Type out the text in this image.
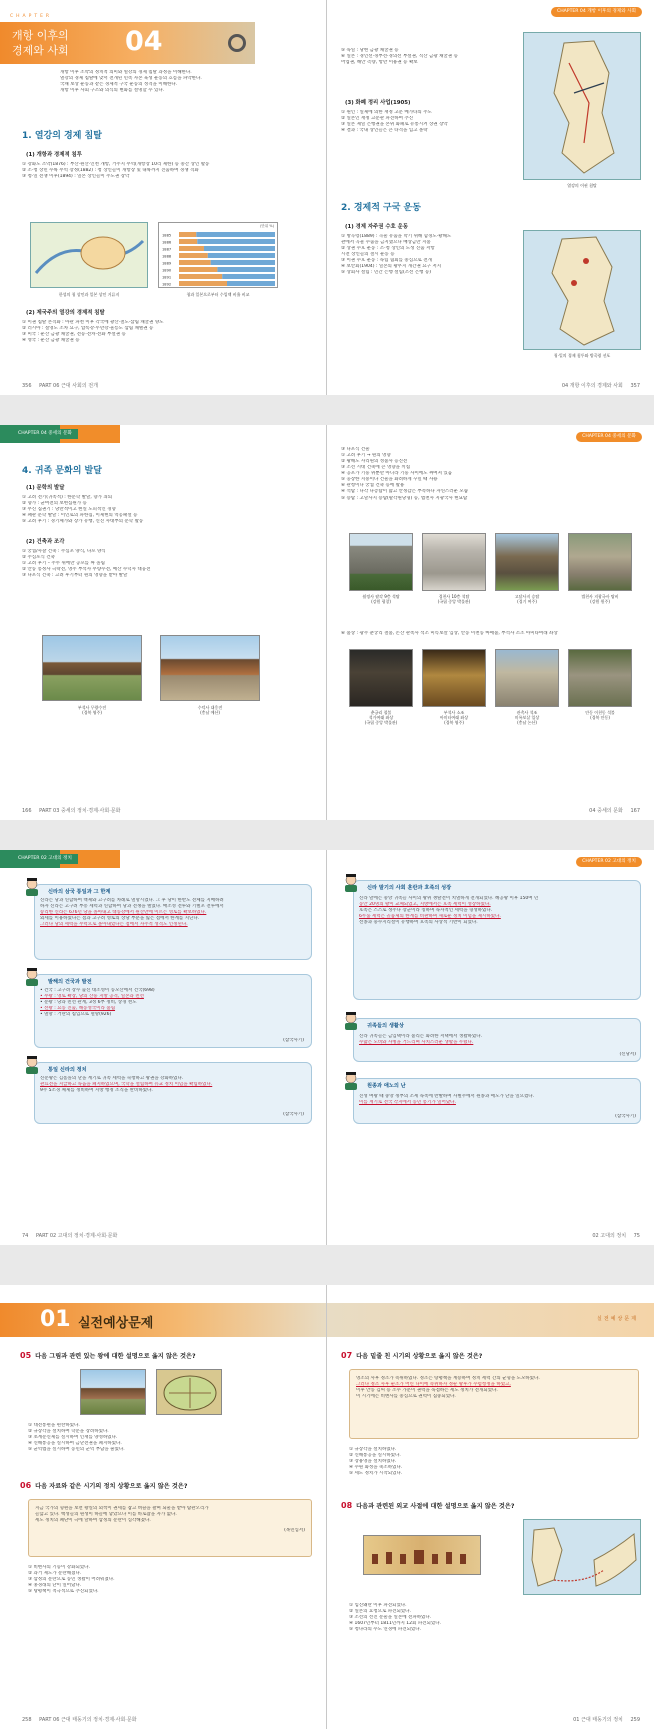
CHAPTER
개항 이후의
경제와 사회 04
개항 이후 조약의 정치적 의미와 열강의 경제 침탈 과정을 이해한다.
열강의 경제 침탈에 맞서 전개된 민족 자본 육성 운동의 흐름을 파악한다.
국채 보상 운동과 같은 경제적 구국 운동의 성격을 이해한다.
개항 이후 사회 구조와 의식의 변화를 설명할 수 있다.
1. 열강의 경제 침탈
(1) 개항과 경제적 침투
① 강화도 조약(1876) : 부산·원산·인천 개항, 거주지 무역(개항장 10리 제한) 등 중간 상인 활동
② 조·청 상민 수륙 무역 장정(1882) : 청 상인들이 개항장 및 내륙까지 진출하여 경쟁 격화
③ 청·일 전쟁 이후(1894) : 일본 상인들이 주도권 장악
한성의 청 상인과 일본 상인 거류지
(단위 %)
1885
1886
1887
1888
1889
1890
1891
1892
청과 일본으로부터 수입액 비율 비교
(2) 제국주의 열강의 경제적 침탈
① 이권 침탈 본격화 : 아관 파천 이후 각국에 광산·철도·삼림 채굴권 양도
② 러시아 : 절영도 조차 요구, 압록강·두만강·울릉도 삼림 채벌권 등
③ 미국 : 운산 금광 채굴권, 전등·전차·전화 부설권 등
④ 영국 : 운산 금광 채굴권 등
356 PART 06 근대 사회의 전개
CHAPTER 04 개항 이후의 경제와 사회
⑤ 독일 : 당현 금광 채굴권 등
⑥ 일본 : 경인선·경부선·경의선 부설권, 직산 금광 채굴권 등
어업권, 해안 측량, 항만 이용권 등 확보
(3) 화폐 정리 사업(1905)
① 원인 : 일제에 의한 재정 고문 메가타의 주도
② 일본인 재정 고문관 파견하여 추진
③ 일본 제일 은행권을 본위 화폐로 유통시켜 상권 장악
④ 결과 : 국내 상인들은 큰 타격을 입고 몰락
열강의 이권 침탈
2. 경제적 구국 운동
(1) 경제 자주권 수호 운동
① 방곡령(1889) : 곡물 유출을 막기 위해 함경도·황해도
관에서 곡물 수출을 금지했으나 배상금만 지불
② 상권 수호 운동 : 조·청 상인의 도성 진출 저항
시전 상인들의 철시 운동 등
③ 이권 수호 운동 : 독립 협회를 중심으로 전개
④ 보안회(1904) : 일본의 황무지 개간권 요구 저지
⑤ 상회사 설립 : 민간 은행 설립(조선 은행 등)
청·일의 경제 침투와 방곡령 선포
04 개항 이후의 경제와 사회 357
CHAPTER 04 중세의 문화
4. 귀족 문화의 발달
(1) 문학의 발달
① 고려 전기(귀족적) : 한문학 발달, 향가 쇠퇴
② 향가 : 균여전의 보현십원가 등
③ 무신 집권기 : 낭만적이고 현실 도피적인 경향
④ 패관 문학 발달 : 이인로의 파한집, 이제현의 역옹패설 등
⑤ 고려 후기 : 경기체가와 장가 유행, 신진 사대부의 문학 활동
(2) 건축과 조각
① 궁궐/사찰 건축 : 주심포 양식, 다포 양식
② 주심포식 건축
① 고려 후기 – 주두 위에만 공포를 짜 올림
② 안동 봉정사 극락전, 영주 부석사 무량수전, 예산 수덕사 대웅전
③ 다포식 건축 : 고려 후기부터 원의 영향을 받아 발달
부석사 무량수전
(경북 영주)
수덕사 대웅전
(충남 예산)
166 PART 03 중세의 정치·경제·사회·문화
CHAPTER 04 중세의 문화
③ 다포식 건물
① 고려 후기 → 원의 영향
② 황해도 사리원의 성불사 응진전
③ 조선 시대 건축에 큰 영향을 끼침
④ 공포가 기둥 위뿐만 아니라 기둥 사이에도 짜여져 있음
⑤ 웅장한 지붕이나 건물을 화려하게 꾸밀 때 사용
⑥ 관청이나 궁궐 건축 등에 활용
④ 석탑 : 다각 다층탑이 많고 안정감은 부족하나 자연스러운 모습
⑤ 승탑 : 고달사지 승탑(팔각원당형) 등, 법천사 지광국사 현묘탑
월정사 팔각 9층 석탑
(강원 평창)
경천사 10층 석탑
(국립 중앙 박물관)
고달사지 승탑
(경기 여주)
법천사 지광국사 탑비
(강원 원주)
⑥ 불상 : 광주 춘궁리 철불, 논산 관촉사 석조 미륵보살 입상, 안동 이천동 마애불, 부석사 소조 아미타여래 좌상
춘궁리 철불
석가여래 좌상
(국립 중앙 박물관)
부석사 소조
아미타여래 좌상
(경북 영주)
관촉사 석조
미륵보살 입상
(충남 논산)
안동 이천동 석불
(경북 안동)
04 중세의 문화 167
CHAPTER 02 고대의 정치
신라의 삼국 통일과 그 한계
신라는 당과 연합하여 백제와 고구려를 차례로 멸망시켰다. 그 후 당이 한반도 전체를 지배하려
하자 신라는 고구려 부흥 세력과 연합하여 당과 전쟁을 벌였다. 매소성 전투와 기벌포 전투에서
승리한 신라는 676년 당을 몰아내고 대동강에서 원산만에 이르는 영토를 확보하였다.
외세를 이용하였다는 점과 고구려 영토의 상당 부분을 잃은 점에서 한계를 지닌다.
그러나 당의 세력을 무력으로 몰아내었다는 점에서 자주적 성격도 인정된다.
발해의 건국과 발전
• 건국 : 고구려 장수 출신 대조영이 동모산에서 건국(698)
• 무왕 : 영토 확장, 당의 산둥 지방 공격, 일본과 친선
• 문왕 : 당과 친선 관계, 3성 6부 정비, 상경 천도
• 선왕 : 요동 진출, 해동성국이라 불림
• 멸망 : 거란의 침입으로 멸망(926)
(삼국사기)
통일 신라의 정치
신문왕은 김흠돌의 난을 계기로 귀족 세력을 숙청하고 왕권을 강화하였다.
관료전을 지급하고 녹읍을 폐지하였으며, 국학을 설립하여 유교 정치 이념을 확립하였다.
9주 5소경 체제를 정비하여 지방 행정 조직을 완비하였다.
(삼국사기)
74 PART 02 고대의 정치·경제·사회·문화
CHAPTER 02 고대의 정치
신라 말기의 사회 혼란과 호족의 성장
신라 말에는 중앙 귀족들 사이의 왕위 쟁탈전이 치열하게 전개되었다. 혜공왕 이후 150여 년
동안 20명의 왕이 교체되었고, 지방에서는 호족 세력이 성장하였다.
호족은 스스로 성주나 장군이라 칭하며 독자적인 세력을 형성하였다.
6두품 세력은 골품제의 한계를 비판하며 새로운 정치 이념을 제시하였다.
선종과 풍수지리설이 유행하여 호족의 사상적 기반이 되었다.
귀족들의 생활상
신라 귀족들은 금입택이라 불리는 화려한 저택에서 생활하였다.
수많은 노비와 사병을 거느리며 사치스러운 생활을 누렸다.
(신당서)
원종과 애노의 난
진성 여왕 때 중앙 정부의 조세 독촉에 반발하여 사벌주에서 원종과 애노가 난을 일으켰다.
이를 계기로 전국 각지에서 농민 봉기가 일어났다.
(삼국사기)
02 고대의 정치 75
01 실전예상문제
05 다음 그림과 관련 있는 왕에 대한 설명으로 옳지 않은 것은?
① 대전통편을 편찬하였다.
② 규장각을 설치하여 학문을 장려하였다.
③ 초계문신제를 실시하여 인재를 양성하였다.
④ 신해통공을 실시하여 금난전권을 폐지하였다.
⑤ 균역법을 실시하여 농민의 군역 부담을 줄였다.
06 다음 자료와 같은 시기의 정치 상황으로 옳지 않은 것은?
지금 국가의 형편을 보면 왕실의 외척이 권세를 잡고 벼슬을 팔며 뇌물을 받아 탐관오리가
들끓고 있다. 백성들의 원성이 하늘에 닿았으나 이를 바로잡을 자가 없다.
세도 정치의 폐단이 극에 달하여 삼정의 문란이 심각해졌다.
(목민심서)
① 비변사의 기능이 강화되었다.
② 과거 제도가 문란해졌다.
③ 삼정의 문란으로 농민 생활이 어려워졌다.
④ 홍경래의 난이 일어났다.
⑤ 탕평책이 적극적으로 추진되었다.
258 PART 06 근대 태동기의 정치·경제·사회·문화
실전예상문제
07 다음 밑줄 친 시기의 상황으로 옳지 않은 것은?
영조의 사후 정조가 즉위하였다. 정조는 탕평책을 계승하여 정치 세력 간의 균형을 도모하였다.
그러나 정조 사후 순조가 어린 나이에 즉위하자 정순 왕후가 수렴청정을 하였고,
이후 안동 김씨 등 소수 가문이 권력을 독점하는 세도 정치가 전개되었다.
이 시기에는 비변사를 중심으로 권력이 집중되었다.
① 규장각을 설치하였다.
② 신해통공을 실시하였다.
③ 장용영을 설치하였다.
④ 수원 화성을 축조하였다.
⑤ 세도 정치가 시작되었다.
08 다음과 관련된 외교 사절에 대한 설명으로 옳지 않은 것은?
① 임진왜란 이후 파견되었다.
② 일본의 요청으로 파견되었다.
③ 조선의 선진 문물을 일본에 전파하였다.
④ 1607년부터 1811년까지 12회 파견되었다.
⑤ 청나라의 수도 연경에 파견되었다.
01 근대 태동기의 정치 259
